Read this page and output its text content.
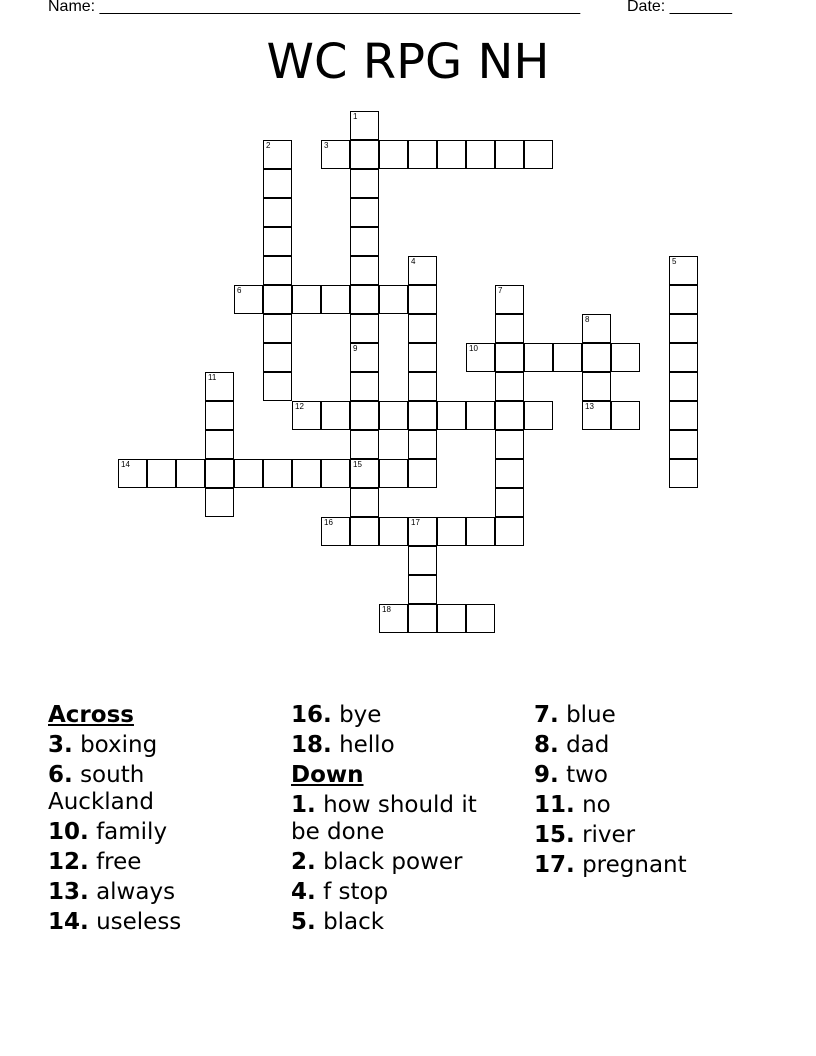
Name: ______________________________________________________	Date: _______
WC RPG NH
1
2	3
4	5
6	7
8
9
15
10
11
12	13
14
16	17
18
Across
3. boxing
6. south Auckland
10. family
12. free
13. always
14. useless
16. bye
18. hello
Down
1. how should it be done
2. black power
4. f stop
5. black
7. blue
8. dad
9. two
11. no
15. river
17. pregnant
